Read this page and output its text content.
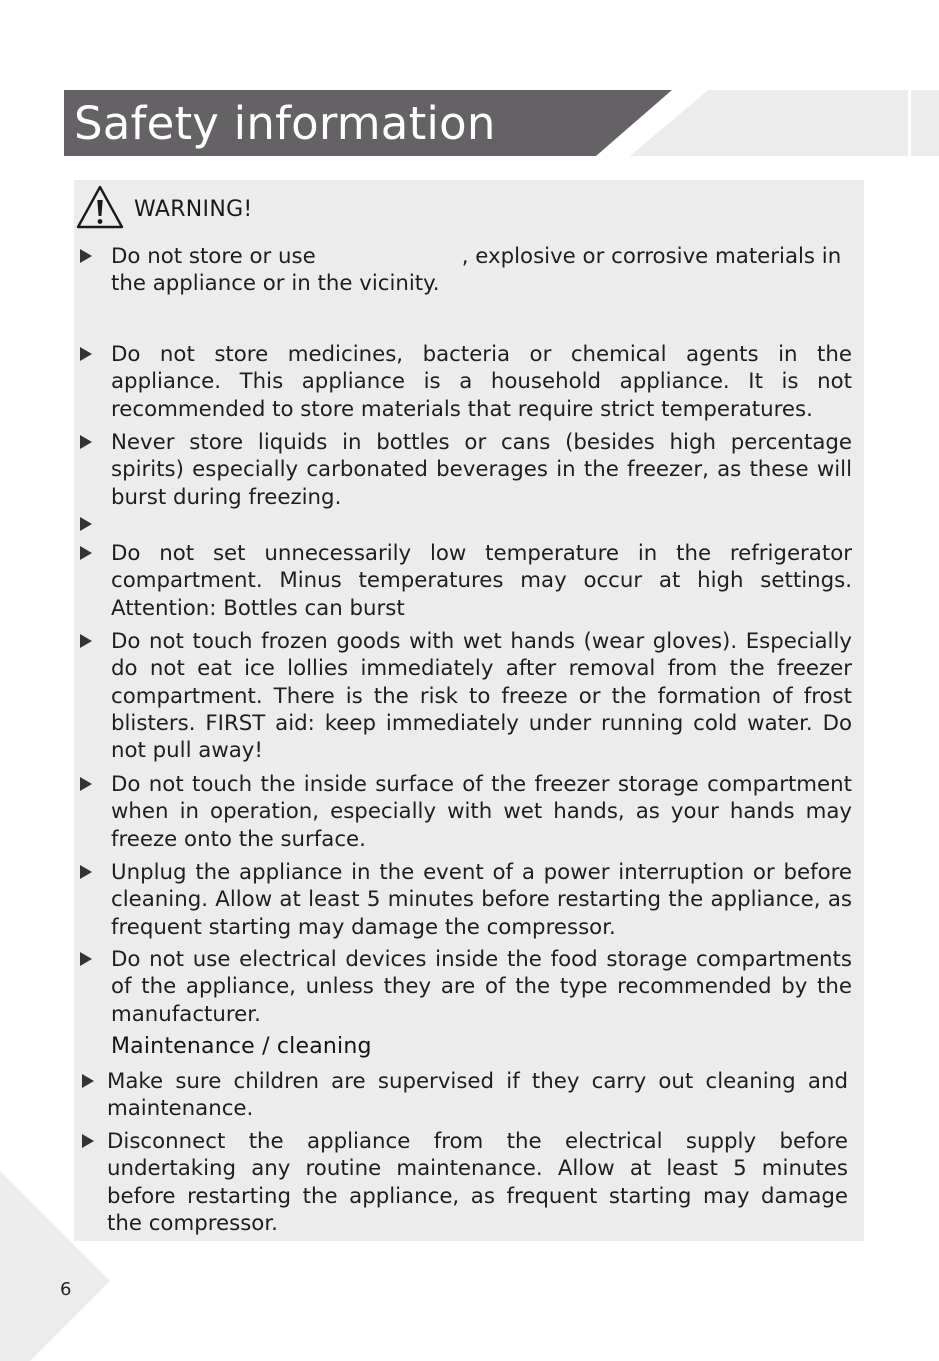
Safety information
WARNING!
Do not store or use	, explosive or corrosive materials in the appliance or in the vicinity.
Do not store medicines, bacteria or chemical agents in the appliance. This appliance is a household appliance. It is not recommended to store materials that require strict temperatures.
Never store liquids in bottles or cans (besides high percentage spirits) especially carbonated beverages in the freezer, as these will burst during freezing.
Do not set unnecessarily low temperature in the refrigerator compartment. Minus temperatures may occur at high settings. Attention: Bottles can burst
Do not touch frozen goods with wet hands (wear gloves). Especially do not eat ice lollies immediately after removal from the freezer compartment. There is the risk to freeze or the formation of frost blisters. FIRST aid: keep immediately under running cold water. Do not pull away!
Do not touch the inside surface of the freezer storage compartment when in operation, especially with wet hands, as your hands may freeze onto the surface.
Unplug the appliance in the event of a power interruption or before cleaning. Allow at least 5 minutes before restarting the appliance, as frequent starting may damage the compressor.
Do not use electrical devices inside the food storage compartments of the appliance, unless they are of the type recommended by the manufacturer.
Maintenance / cleaning
Make sure children are supervised if they carry out cleaning and maintenance.
Disconnect the appliance from the electrical supply before undertaking any routine maintenance. Allow at least 5 minutes before restarting the appliance, as frequent starting may damage the compressor.
6
